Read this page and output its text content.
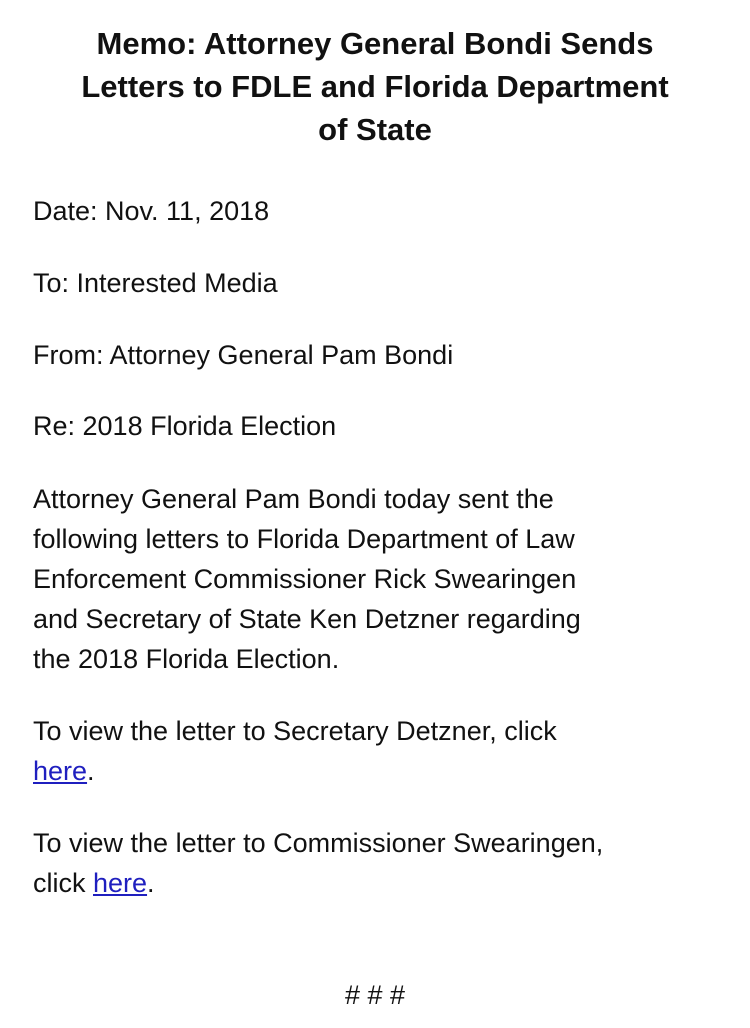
Memo: Attorney General Bondi Sends
Letters to FDLE and Florida Department
of State

Date: Nov. 11, 2018

To: Interested Media

From: Attorney General Pam Bondi

Re: 2018 Florida Election

Attorney General Pam Bondi today sent the
following letters to Florida Department of Law
Enforcement Commissioner Rick Swearingen
and Secretary of State Ken Detzner regarding
the 2018 Florida Election.
To view the letter to Secretary Detzner, click
here.
To view the letter to Commissioner Swearingen,
click here.

# # #
